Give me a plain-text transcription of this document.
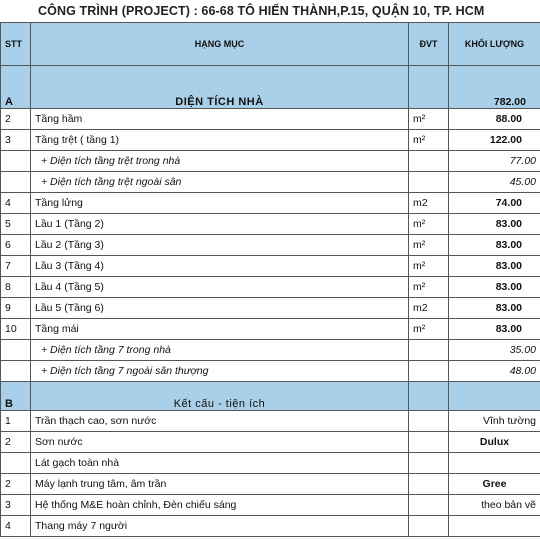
CÔNG TRÌNH (PROJECT) : 66-68 TÔ HIẾN THÀNH,P.15, QUẬN 10, TP. HCM
STT	HẠNG MỤC	ĐVT	KHỐI LƯỢNG
A	DIỆN TÍCH NHÀ		782.00
2	Tầng hầm	m²	88.00
3	Tầng trệt ( tầng 1)	m²	122.00
	+ Diện tích tầng trệt trong nhà		77.00
	+ Diện tích tầng trệt ngoài sân		45.00
4	Tầng lửng	m2	74.00
5	Lầu 1 (Tầng 2)	m²	83.00
6	Lầu 2 (Tầng 3)	m²	83.00
7	Lầu 3 (Tầng 4)	m²	83.00
8	Lầu 4 (Tầng 5)	m²	83.00
9	Lầu 5 (Tầng 6)	m2	83.00
10	Tầng mái	m²	83.00
	+ Diện tích tầng 7 trong nhà		35.00
	+ Diện tích tầng 7 ngoài sân thượng		48.00
B	Kết cấu - tiện ích		
1	Trần thạch cao, sơn nước		Vĩnh tường
2	Sơn nước		Dulux
	Lát gạch toàn nhà		
2	Máy lạnh trung tâm, âm trần		Gree
3	Hệ thống M&E hoàn chỉnh, Đèn chiếu sáng		theo bản vẽ
4	Thang máy 7 người		
